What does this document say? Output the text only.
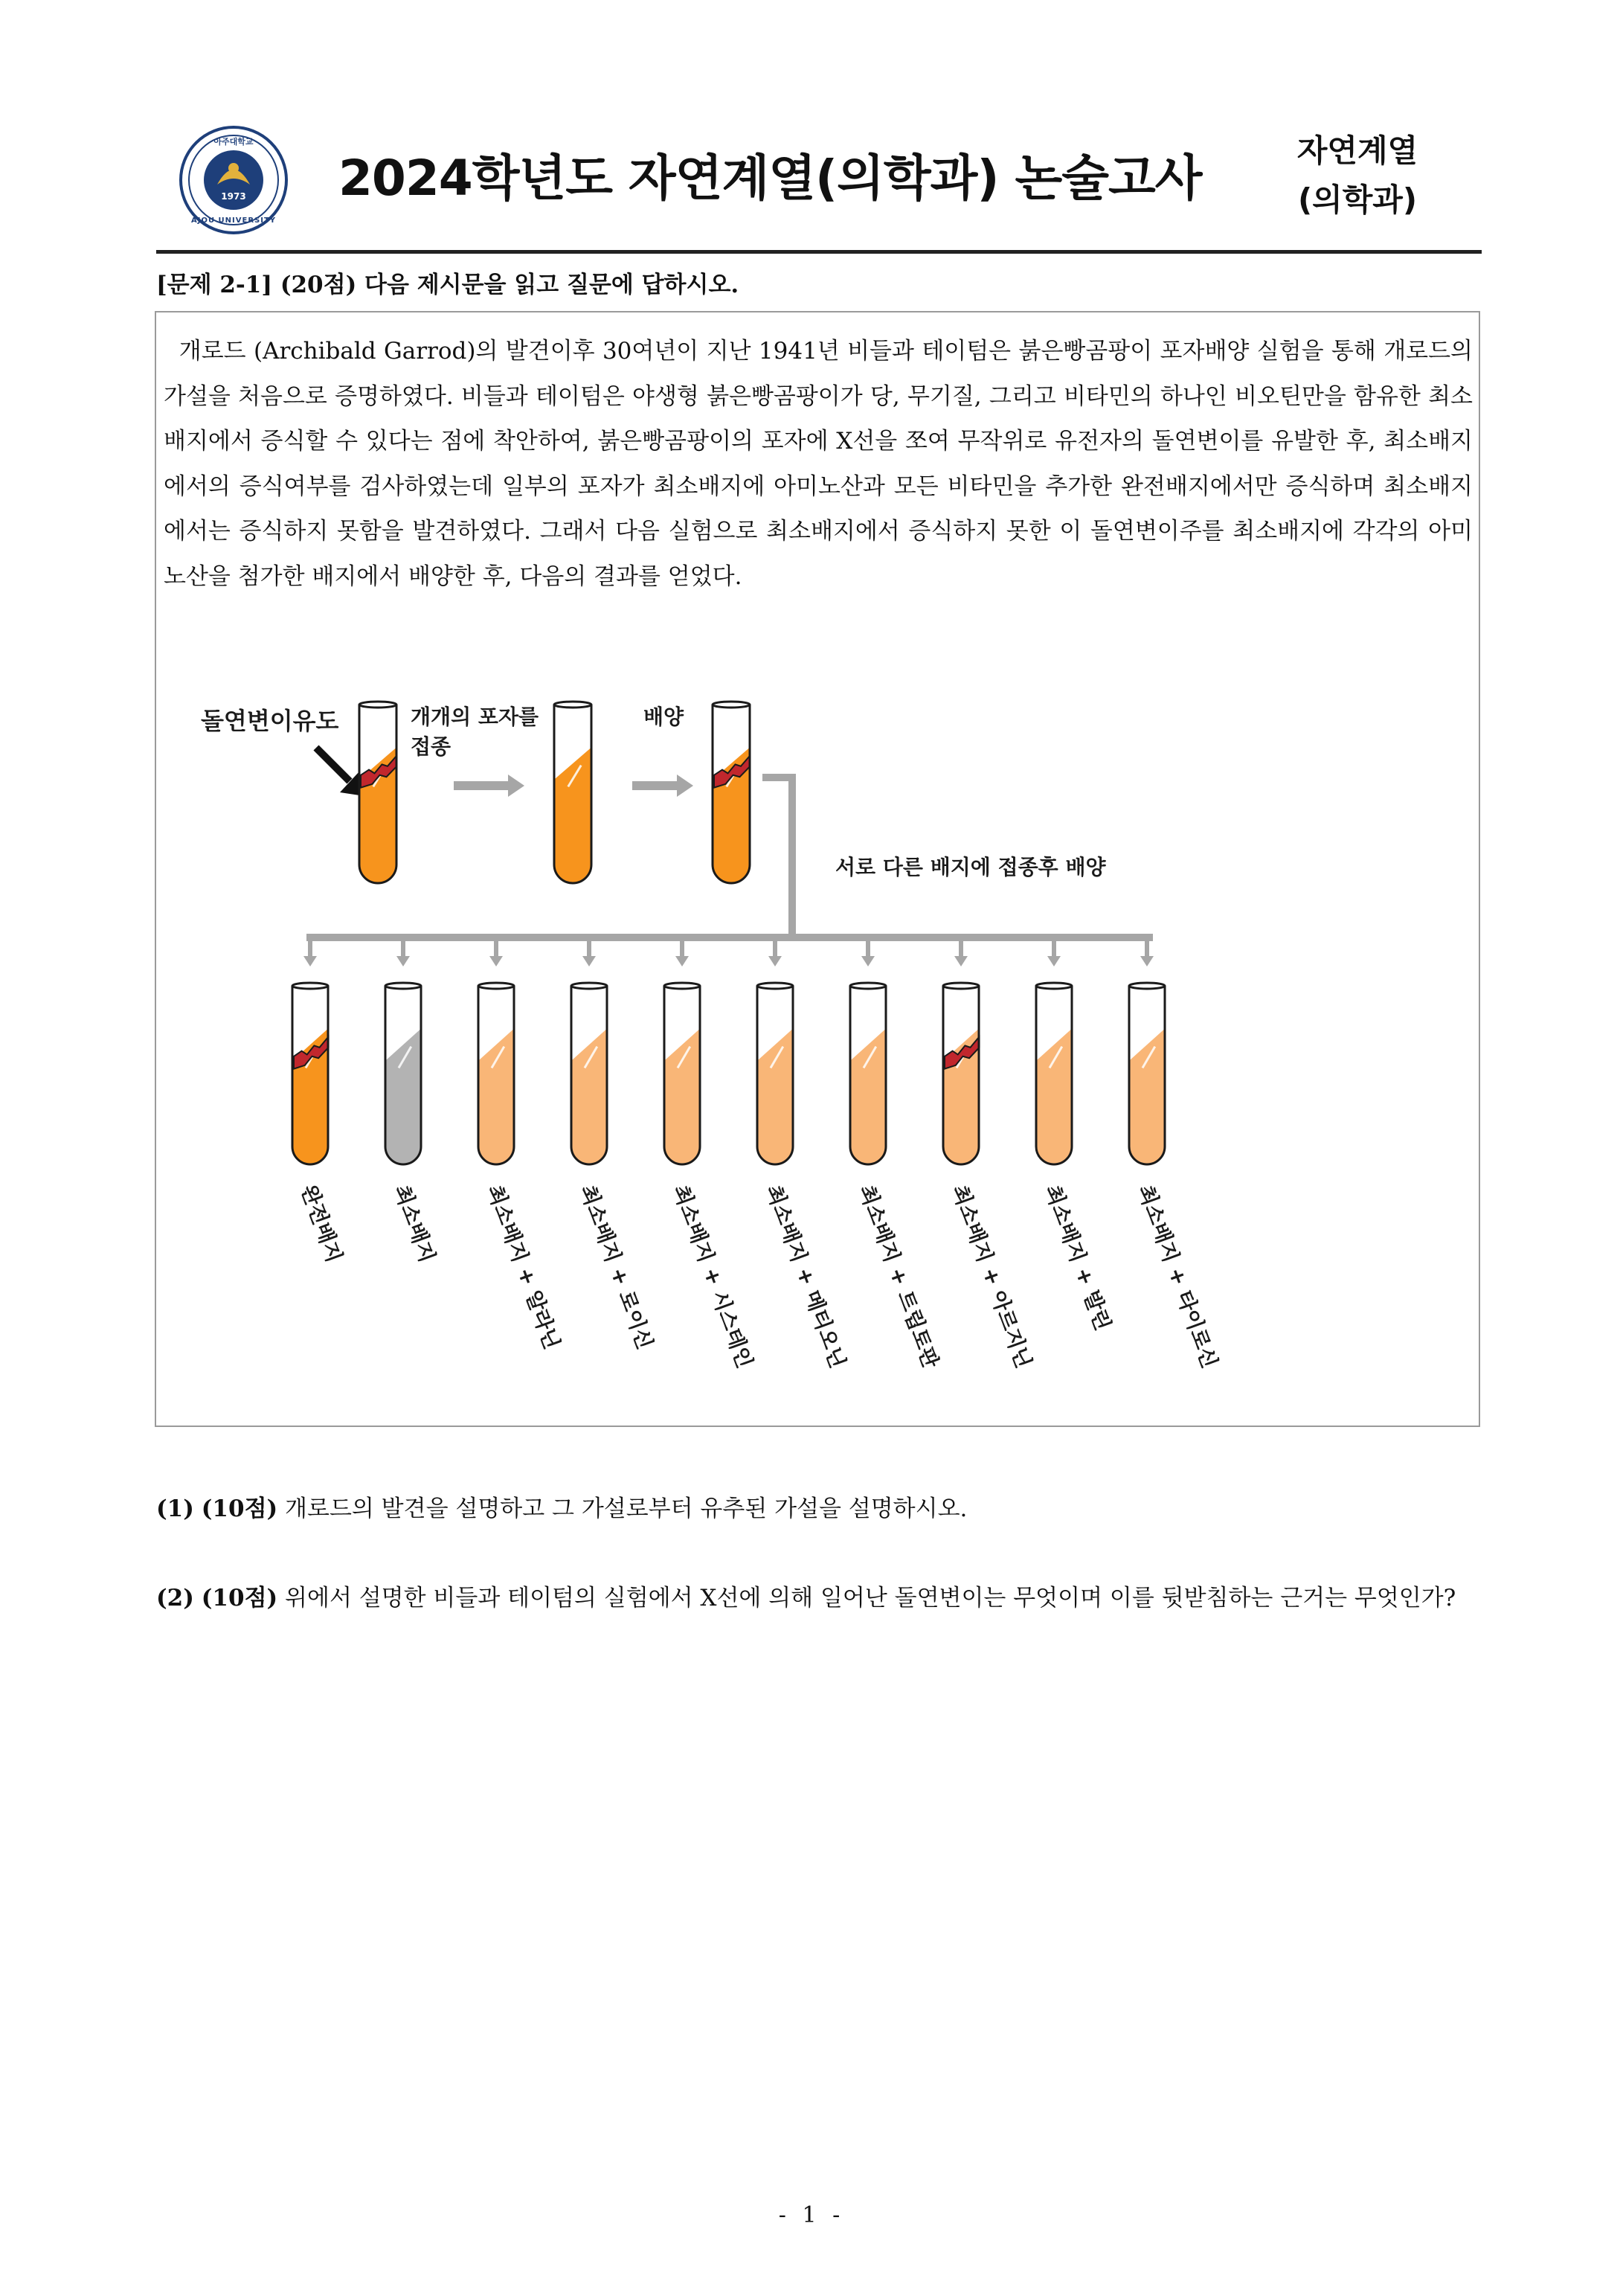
1973
아주대학교
AJOU UNIVERSITY
2024학년도 자연계열(의학과) 논술고사	자연계열
(의학과)
[문제 2-1] (20점) 다음 제시문을 읽고 질문에 답하시오.
개로드 (Archibald Garrod)의 발견이후 30여년이 지난 1941년 비들과 테이텀은 붉은빵곰팡이 포자배양 실험을 통해 개로드의 가설을 처음으로 증명하였다. 비들과 테이텀은 야생형 붉은빵곰팡이가 당, 무기질, 그리고 비타민의 하나인 비오틴만을 함유한 최소배지에서 증식할 수 있다는 점에 착안하여, 붉은빵곰팡이의 포자에 X선을 쪼여 무작위로 유전자의 돌연변이를 유발한 후, 최소배지에서의 증식여부를 검사하였는데 일부의 포자가 최소배지에 아미노산과 모든 비타민을 추가한 완전배지에서만 증식하며 최소배지에서는 증식하지 못함을 발견하였다. 그래서 다음 실험으로 최소배지에서 증식하지 못한 이 돌연변이주를 최소배지에 각각의 아미노산을 첨가한 배지에서 배양한 후, 다음의 결과를 얻었다.
돌연변이유도	개개의 포자를
접종
배양
서로 다른 배지에 접종후 배양
완전배지 최소배지 최소배지 + 알라닌 최소배지 + 로이신 최소배지 + 시스테인 최소배지 + 메티오닌 최소배지 + 트립토판 최소배지 + 아르지닌 최소배지 + 발린 최소배지 + 타이로신
(1) (10점) 개로드의 발견을 설명하고 그 가설로부터 유추된 가설을 설명하시오.
(2) (10점) 위에서 설명한 비들과 테이텀의 실험에서 X선에 의해 일어난 돌연변이는 무엇이며 이를 뒷받침하는 근거는 무엇인가?
- 1 -
